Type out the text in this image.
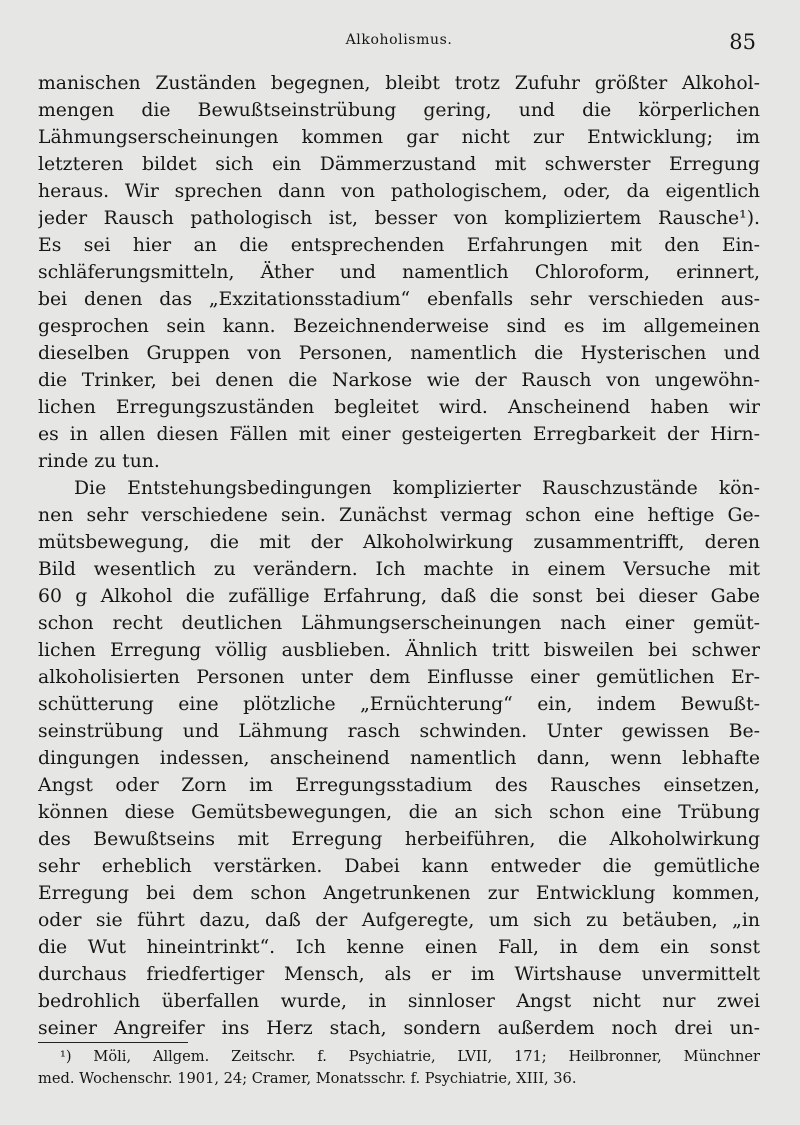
Alkoholismus.	85
manischen Zuständen begegnen, bleibt trotz Zufuhr größter Alkohol-
mengen die Bewußtseinstrübung gering, und die körperlichen
Lähmungserscheinungen kommen gar nicht zur Entwicklung; im
letzteren bildet sich ein Dämmerzustand mit schwerster Erregung
heraus. Wir sprechen dann von pathologischem, oder, da eigentlich
jeder Rausch pathologisch ist, besser von kompliziertem Rausche¹).
Es sei hier an die entsprechenden Erfahrungen mit den Ein-
schläferungsmitteln, Äther und namentlich Chloroform, erinnert,
bei denen das „Exzitationsstadium“ ebenfalls sehr verschieden aus-
gesprochen sein kann. Bezeichnenderweise sind es im allgemeinen
dieselben Gruppen von Personen, namentlich die Hysterischen und
die Trinker, bei denen die Narkose wie der Rausch von ungewöhn-
lichen Erregungszuständen begleitet wird. Anscheinend haben wir
es in allen diesen Fällen mit einer gesteigerten Erregbarkeit der Hirn-
rinde zu tun.
Die Entstehungsbedingungen komplizierter Rauschzustände kön-
nen sehr verschiedene sein. Zunächst vermag schon eine heftige Ge-
mütsbewegung, die mit der Alkoholwirkung zusammentrifft, deren
Bild wesentlich zu verändern. Ich machte in einem Versuche mit
60 g Alkohol die zufällige Erfahrung, daß die sonst bei dieser Gabe
schon recht deutlichen Lähmungserscheinungen nach einer gemüt-
lichen Erregung völlig ausblieben. Ähnlich tritt bisweilen bei schwer
alkoholisierten Personen unter dem Einflusse einer gemütlichen Er-
schütterung eine plötzliche „Ernüchterung“ ein, indem Bewußt-
seinstrübung und Lähmung rasch schwinden. Unter gewissen Be-
dingungen indessen, anscheinend namentlich dann, wenn lebhafte
Angst oder Zorn im Erregungsstadium des Rausches einsetzen,
können diese Gemütsbewegungen, die an sich schon eine Trübung
des Bewußtseins mit Erregung herbeiführen, die Alkoholwirkung
sehr erheblich verstärken. Dabei kann entweder die gemütliche
Erregung bei dem schon Angetrunkenen zur Entwicklung kommen,
oder sie führt dazu, daß der Aufgeregte, um sich zu betäuben, „in
die Wut hineintrinkt“. Ich kenne einen Fall, in dem ein sonst
durchaus friedfertiger Mensch, als er im Wirtshause unvermittelt
bedrohlich überfallen wurde, in sinnloser Angst nicht nur zwei
seiner Angreifer ins Herz stach, sondern außerdem noch drei un-
¹) Möli, Allgem. Zeitschr. f. Psychiatrie, LVII, 171; Heilbronner, Münchner
med. Wochenschr. 1901, 24; Cramer, Monatsschr. f. Psychiatrie, XIII, 36.
